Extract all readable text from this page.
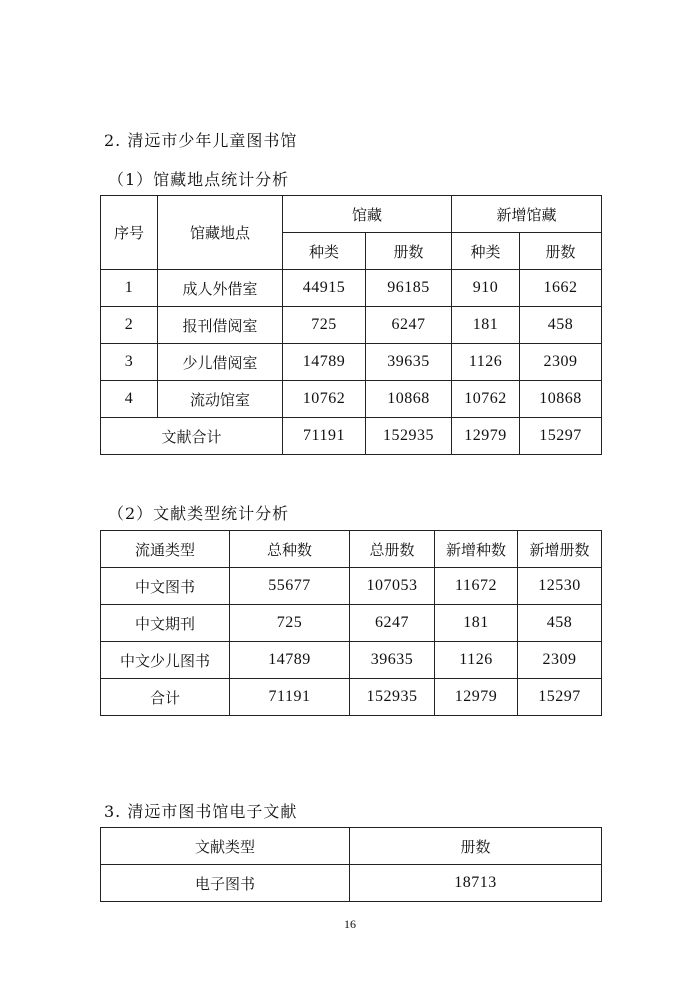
2. 清远市少年儿童图书馆
（1）馆藏地点统计分析
序号	馆藏地点	馆藏		新增馆藏	
		种类	册数	种类	册数
1	成人外借室	44915	96185	910	1662
2	报刊借阅室	725	6247	181	458
3	少儿借阅室	14789	39635	1126	2309
4	流动馆室	10762	10868	10762	10868
文献合计		71191	152935	12979	15297
（2）文献类型统计分析
流通类型	总种数	总册数	新增种数	新增册数
中文图书	55677	107053	11672	12530
中文期刊	725	6247	181	458
中文少儿图书	14789	39635	1126	2309
合计	71191	152935	12979	15297
3. 清远市图书馆电子文献
文献类型	册数
电子图书	18713
16
